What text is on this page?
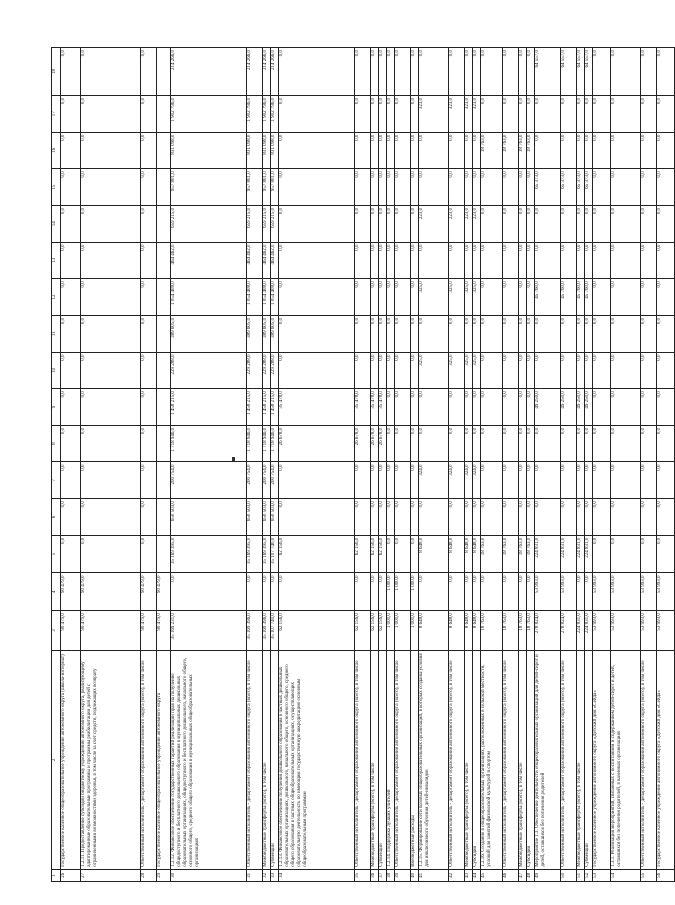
1	2	3	4	5	6	7	8	9	10	11	12	13	14	15	16	17	18
26	Государственное казенное общеобразовательное учреждение автономного округа (школа-интернат)	90 479,0	90 479,0	0,0	0,0	0,0	0,0	0,0	0,0	0,0	0,0	0,0	0,0	0,0	0,0	0,0	0,0
27	1.2.11. Предоставление субсидии бюджетному учреждению автономного округа, реализующему адаптированные образовательные программы и программы реабилитации для детей с ограниченными возможностями здоровья, в том числе за счет средств, подлежащих возврату	90 479,0	90 479,0	0,0	0,0	0,0	0,0	0,0	0,0	0,0	0,0	0,0	0,0	0,0	0,0	0,0	0,0
28	Ответственный исполнитель - департамент образования автономного округа (всего), в том числе	90 479,0	90 479,0	0,0	0,0	0,0	0,0	0,0	0,0	0,0	0,0	0,0	0,0	0,0	0,0	0,0	0,0
29	Государственное казенное общеобразовательное учреждение автономного округа	90 479,0	90 479,0														
30	1.2.12. Финансовое обеспечение государственных гарантий реализации прав на получение общедоступного и бесплатного дошкольного образования в муниципальных дошкольных образовательных организациях, общедоступного и бесплатного дошкольного, начального общего, основного общего, среднего общего образования в муниципальных общеобразовательных организациях	35 169 231,0	0,0	35 169 395,0	650 503,0	200 754,0	1 718 946,0	1 458 215,0	229 288,0	389 605,0	1 054 408,0	464 462,0	659 215,0	957 801,0	831 098,0	1 902 796,0	214 266,0
31	Ответственный исполнитель - департамент образования автономного округа (всего), в том числе	35 169 396,0	0,0	35 169 395,0	650 503,0	200 754,0	1 718 946,0	1 458 215,0	229 288,0	389 605,0	1 054 408,0	464 462,0	659 215,0	957 801,0	831 098,0	1 902 796,0	214 266,0
32	Межбюджетные трансферты (всего), в том числе	35 169 396,0	0,0	35 169 395,0	650 503,0	200 754,0	1 718 946,0	1 458 215,0	229 288,0	389 605,0	1 054 408,0	464 462,0	659 215,0	957 801,0	831 098,0	1 902 796,0	214 266,0
33	Субвенции	35 107 740,0	0,0	35 107 740,0	650 503,0	200 754,0	1 718 946,0	1 458 215,0	229 288,0	389 605,0	1 054 408,0	464 462,0	659 215,0	957 801,0	831 098,0	1 902 796,0	214 266,0
34	1.2.13. Финансовое обеспечение получения дошкольного образования в частных дошкольных образовательных организациях, дошкольного, начального общего, основного общего, среднего общего образования в частных общеобразовательных организациях, осуществляющих образовательную деятельность по имеющим государственную аккредитацию основным общеобразовательным программам	62 156,0	0,0	62 156,0	0,0	0,0	26 678,0	35 478,0	0,0	0,0	0,0	0,0	0,0	0,0	0,0	0,0	0,0
35	Ответственный исполнитель - департамент образования автономного округа (всего), в том числе	62 156,0	0,0	62 156,0	0,0	0,0	26 678,0	35 478,0	0,0	0,0	0,0	0,0	0,0	0,0	0,0	0,0	0,0
36	Межбюджетные трансферты (всего), в том числе	62 156,0	0,0	62 156,0	0,0	0,0	26 678,0	35 478,0	0,0	0,0	0,0	0,0	0,0	0,0	0,0	0,0	0,0
37	Субвенции	62 156,0	0,0	62 156,0	0,0	0,0	26 678,0	35 478,0	0,0	0,0	0,0	0,0	0,0	0,0	0,0	0,0	0,0
38	1.2.14. Поддержка лучших учителей	1 000,0	1 000,0	0,0	0,0	0,0	0,0	0,0	0,0	0,0	0,0	0,0	0,0	0,0	0,0	0,0	0,0
39	Ответственный исполнитель - департамент образования автономного округа (всего), в том числе	1 000,0	1 000,0	0,0	0,0	0,0	0,0	0,0	0,0	0,0	0,0	0,0	0,0	0,0	0,0	0,0	0,0
40	Внебюджетные расходы	1 000,0	1 000,0	0,0	0,0	0,0	0,0	0,0	0,0	0,0	0,0	0,0	0,0	0,0	0,0	0,0	0,0
41	1.2.15. Формирование сети базовых общеобразовательных организаций, в которых созданы условия для инклюзивного обучения детей-инвалидов	8 648,0	0,0	8 648,0	0,0	324,0	0,0	0,0	325,0	0,0	325,0	0,0	223,0	0,0	0,0	323,0	0,0
42	Ответственный исполнитель - департамент образования автономного округа (всего), в том числе	8 648,0	0,0	8 648,0	0,0	324,0	0,0	0,0	325,0	0,0	325,0	0,0	223,0	0,0	0,0	323,0	0,0
43	Межбюджетные трансферты (всего), в том числе	8 648,0	0,0	8 648,0	0,0	324,0	0,0	0,0	325,0	0,0	325,0	0,0	223,0	0,0	0,0	323,0	0,0
44	Субсидии	8 648,0	0,0	8 648,0	0,0	324,0	0,0	0,0	325,0	0,0	325,0	0,0	223,0	0,0	0,0	323,0	0,0
45	1.2.16. Создание в общеобразовательных организациях, расположенных в сельской местности, условий для занятий физической культурой и спортом	18 763,0	0,0	18 763,0	0,0	0,0	0,0	0,0	0,0	0,0	0,0	0,0	0,0	0,0	18 763,0	0,0	0,0
46	Ответственный исполнитель - департамент образования автономного округа (всего), в том числе	18 763,0	0,0	18 763,0	0,0	0,0	0,0	0,0	0,0	0,0	0,0	0,0	0,0	0,0	18 763,0	0,0	0,0
47	Межбюджетные трансферты (всего), в том числе	18 763,0	0,0	18 763,0	0,0	0,0	0,0	0,0	0,0	0,0	0,0	0,0	0,0	0,0	18 763,0	0,0	0,0
48	Субсидии	18 763,0	0,0	18 763,0	0,0	0,0	0,0	0,0	0,0	0,0	0,0	0,0	0,0	0,0	18 763,0	0,0	0,0
49	Мероприятие 1.3. Обеспечение деятельности общеобразовательных организаций для детей-сирот и детей, оставшихся без попечения родителей	278 824,0	53 993,0	224 831,0	0,0	0,0	0,0	49 250,0	0,0	0,0	45 760,0	0,0	0,0	65 373,0	0,0	0,0	64 557,0
50	Ответственный исполнитель - департамент образования автономного округа (всего), в том числе	278 824,0	53 993,0	224 831,0	0,0	0,0	0,0	49 250,0	0,0	0,0	45 760,0	0,0	0,0	65 373,0	0,0	0,0	64 557,0
51	Межбюджетные трансферты (всего), в том числе	224 831,0	0,0	224 831,0	0,0	0,0	0,0	49 250,0	0,0	0,0	45 760,0	0,0	0,0	65 373,0	0,0	0,0	64 557,0
52	Субвенции	224 831,0	0,0	224 831,0	0,0	0,0	0,0	49 250,0	0,0	0,0	45 760,0	0,0	0,0	65 373,0	0,0	0,0	64 557,0
53	Государственное казенное учреждение автономного округа «Детский дом «Сейда»	53 993,0	53 993,0	0,0	0,0	0,0	0,0	0,0	0,0	0,0	0,0	0,0	0,0	0,0	0,0	0,0	0,0
54	1.3.1. Реализация мероприятий, связанных с воспитанием и содержанием детей-сирот и детей, оставшихся без попечения родителей, в казенных организациях	53 993,0	53 993,0	0,0	0,0	0,0	0,0	0,0	0,0	0,0	0,0	0,0	0,0	0,0	0,0	0,0	0,0
55	Ответственный исполнитель - департамент образования автономного округа (всего), в том числе	53 993,0	53 993,0	0,0	0,0	0,0	0,0	0,0	0,0	0,0	0,0	0,0	0,0	0,0	0,0	0,0	0,0
56	Государственное казенное учреждение автономного округа «Детский дом «Сейда»	53 993,0	53 993,0	0,0	0,0	0,0	0,0	0,0	0,0	0,0	0,0	0,0	0,0	0,0	0,0	0,0	0,0
